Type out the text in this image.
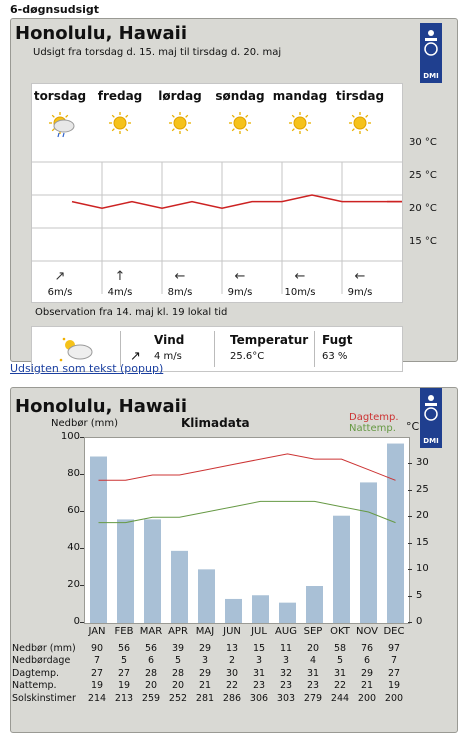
6-døgnsudsigt
Honolulu, Hawaii
Udsigt fra torsdag d. 15. maj til tirsdag d. 20. maj
DMI
torsdag
↗
6m/s
fredag
↑
4m/s
lørdag
←
8m/s
søndag
←
9m/s
mandag
←
10m/s
tirsdag
←
9m/s
30 °C
25 °C
20 °C
15 °C
Observation fra 14. maj kl. 19 lokal tid
↗
Vind
4 m/s
Temperatur
25.6°C
Fugt
63 %
Udsigten som tekst (popup)
Honolulu, Hawaii
DMI
Nedbør (mm)	Klimadata	Dagtemp.
Nattemp. °C
0
20
40
60
80
100
0
5
10
15
20
25
30
JAN FEB MAR APR MAJ JUN	JUL AUG SEP OKT NOV DEC
Nedbør (mm)	90	56	56	39	29	13	15	11	20	58	76	97
Nedbørdage	7	5	6	5	3	2	3	3	4	5	6	7
Dagtemp.	27	27	28	28	29	30	31	32	31	31	29	27
Nattemp.	19	19	20	20	21	22	23	23	23	22	21	19
Solskinstimer	214 213 259 252 281 286 306 303 279 244 200 200
